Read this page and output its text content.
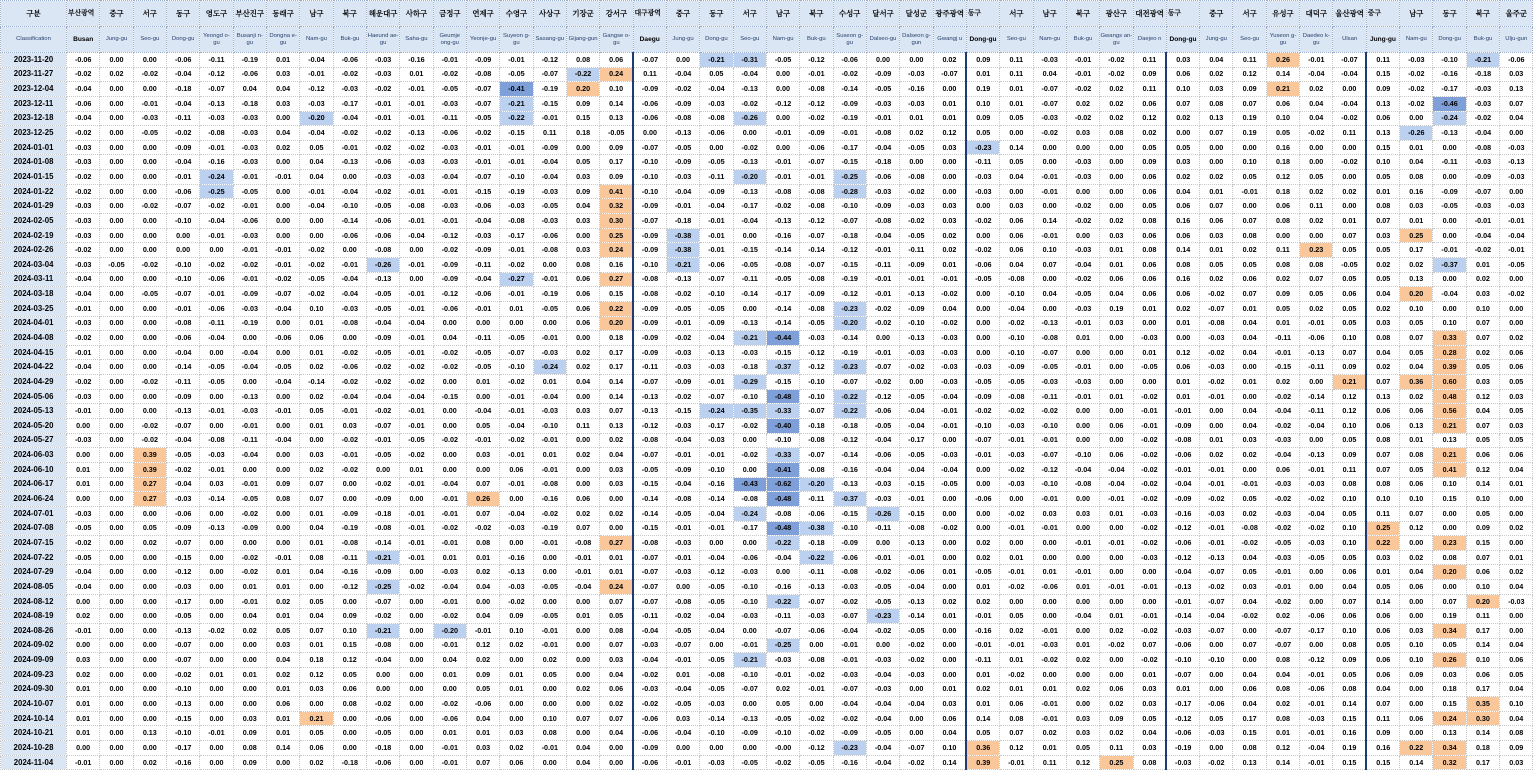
구분	부산광역	중구	서구	동구	영도구	부산진구	동래구	남구	북구	해운대구	사하구	금정구	연제구	수영구	사상구	기장군	강서구	대구광역	중구	동구	서구	남구	북구	수성구	달서구	달성군	광주광역	동구	서구	남구	북구	광산구	대전광역	동구	중구	서구	유성구	대덕구	울산광역	중구	남구	동구	북구	울주군
Classification	Busan	Jung-gu	Seo-gu	Dong-gu	Yeongd o-gu	Busanji n-gu	Dongna e-gu	Nam-gu	Buk-gu	Haeund ae-gu	Saha-gu	Geumje ong-gu	Yeonje-gu	Suyeon g-gu	Sasang-gu	Gijang-gun	Gangse o-gu	Daegu	Jung-gu	Dong-gu	Seo-gu	Nam-gu	Buk-gu	Suseon g-gu	Dalseo-gu	Dalseon g-gun	Gwangj u	Dong-gu	Seo-gu	Nam-gu	Buk-gu	Gwangs an-gu	Daejeo n	Dong-gu	Jung-gu	Seo-gu	Yuseon g-gu	Daedeo k-gu	Ulsan	Jung-gu	Nam-gu	Dong-gu	Buk-gu	Ulju-gun
2023-11-20	-0.06	0.00	0.00	-0.06	-0.11	-0.19	0.01	-0.04	-0.06	-0.03	-0.16	-0.01	-0.09	-0.01	-0.12	0.08	0.06	-0.07	0.00	-0.21	-0.31	-0.05	-0.12	-0.06	0.00	0.00	0.02	0.09	0.11	-0.03	-0.01	-0.02	0.11	0.03	0.04	0.11	0.26	-0.01	-0.07	0.11	-0.03	-0.10	-0.21	-0.06
2023-11-27	-0.02	0.02	-0.02	-0.04	-0.12	-0.06	0.03	-0.01	-0.02	-0.03	0.01	-0.02	-0.08	-0.05	-0.07	-0.22	0.24	0.11	-0.04	0.05	-0.04	0.00	-0.01	-0.02	-0.09	-0.03	-0.07	0.01	0.11	0.04	-0.01	-0.02	0.09	0.06	0.02	0.12	0.14	-0.04	-0.04	0.15	-0.02	-0.16	-0.18	0.03
2023-12-04	-0.04	0.00	0.00	-0.18	-0.07	0.04	0.04	-0.12	-0.03	-0.02	-0.01	-0.05	-0.07	-0.41	-0.19	0.20	0.10	-0.09	-0.02	-0.04	-0.13	0.00	-0.08	-0.14	-0.05	-0.16	0.00	0.19	0.01	-0.07	-0.02	0.02	0.11	0.10	0.03	0.09	0.21	0.02	0.00	0.09	-0.02	-0.17	-0.03	0.13
2023-12-11	-0.06	0.00	-0.01	-0.04	-0.13	-0.18	0.03	-0.03	-0.17	-0.01	-0.01	-0.03	-0.07	-0.21	-0.15	0.09	0.14	-0.06	-0.09	-0.03	-0.02	-0.12	-0.12	-0.09	-0.03	-0.03	0.01	0.10	0.01	-0.07	0.02	0.02	0.06	0.07	0.08	0.07	0.06	0.04	-0.04	0.13	-0.02	-0.46	-0.03	0.07
2023-12-18	-0.04	0.00	-0.03	-0.11	-0.03	-0.03	0.00	-0.20	-0.04	-0.01	-0.01	-0.11	-0.05	-0.22	-0.01	0.15	0.13	-0.06	-0.08	-0.08	-0.26	0.00	-0.02	-0.19	-0.01	0.01	0.01	0.09	0.05	-0.03	-0.02	0.02	0.12	0.02	0.13	0.19	0.10	0.04	-0.02	0.06	0.00	-0.24	-0.02	0.04
2023-12-25	-0.02	0.00	-0.05	-0.02	-0.08	-0.03	0.04	-0.04	-0.02	-0.02	-0.13	-0.06	-0.02	-0.15	0.11	0.18	-0.05	0.00	-0.13	-0.06	0.00	-0.01	-0.09	-0.01	-0.08	0.02	0.12	0.05	0.00	-0.02	0.03	0.08	0.02	0.00	0.07	0.19	0.05	-0.02	0.11	0.13	-0.26	-0.13	-0.04	0.00
2024-01-01	-0.03	0.00	0.00	-0.09	-0.01	-0.03	0.02	0.05	-0.01	-0.02	-0.02	-0.03	-0.01	-0.01	-0.09	0.00	0.09	-0.07	-0.05	0.00	-0.02	0.00	-0.06	-0.17	-0.04	-0.05	0.03	-0.23	0.14	0.00	0.00	0.00	0.05	0.05	0.00	0.00	0.16	0.00	0.00	0.15	0.01	0.00	-0.08	-0.03
2024-01-08	-0.03	0.00	0.00	-0.04	-0.16	-0.03	0.00	0.04	-0.13	-0.06	-0.03	-0.03	-0.01	-0.01	-0.04	0.05	0.17	-0.10	-0.09	-0.05	-0.13	-0.01	-0.07	-0.15	-0.18	0.00	0.00	-0.11	0.05	0.00	-0.03	0.00	0.09	0.03	0.00	0.10	0.18	0.00	-0.02	0.10	0.04	-0.11	-0.03	-0.13
2024-01-15	-0.02	0.00	0.00	-0.01	-0.24	-0.01	-0.01	0.04	0.00	-0.03	-0.03	-0.04	-0.07	-0.10	-0.04	0.03	0.09	-0.10	-0.03	-0.11	-0.20	-0.01	-0.01	-0.25	-0.06	-0.08	0.00	-0.03	0.04	-0.01	-0.03	0.00	0.06	0.02	0.02	0.05	0.12	0.05	0.00	0.05	0.08	0.00	-0.09	-0.03
2024-01-22	-0.02	0.00	0.00	-0.06	-0.25	-0.05	0.00	-0.01	-0.04	-0.02	-0.01	-0.01	-0.15	-0.19	-0.03	0.09	0.41	-0.10	-0.04	-0.09	-0.13	-0.08	-0.08	-0.28	-0.03	-0.02	0.00	-0.03	0.00	-0.01	0.00	0.00	0.06	0.04	0.01	-0.01	0.18	0.02	0.02	0.01	0.16	-0.09	-0.07	0.00
2024-01-29	-0.03	0.00	-0.02	-0.07	-0.02	-0.01	0.00	-0.04	-0.10	-0.05	-0.08	-0.03	-0.06	-0.03	-0.05	0.04	0.32	-0.09	-0.01	-0.04	-0.17	-0.02	-0.08	-0.10	-0.09	-0.03	0.03	0.00	0.03	0.00	-0.02	0.00	0.05	0.06	0.07	0.00	0.06	0.11	0.00	0.08	0.03	-0.05	-0.03	-0.03
2024-02-05	-0.03	0.00	0.00	-0.10	-0.04	-0.06	0.00	0.00	-0.14	-0.06	-0.01	-0.01	-0.04	-0.08	-0.03	0.03	0.30	-0.07	-0.18	-0.01	-0.04	-0.13	-0.12	-0.07	-0.08	-0.02	0.03	-0.02	0.06	0.14	-0.02	0.02	0.08	0.16	0.06	0.07	0.08	0.02	0.01	0.07	0.01	0.00	-0.01	-0.01
2024-02-19	-0.03	0.00	0.00	0.00	-0.01	-0.03	0.00	0.00	-0.06	-0.06	-0.04	-0.12	-0.03	-0.17	-0.06	0.00	0.25	-0.09	-0.38	-0.01	0.00	-0.16	-0.07	-0.18	-0.04	-0.05	0.02	0.00	0.06	-0.01	0.00	0.03	0.06	0.06	0.03	0.08	0.00	0.00	0.07	0.03	0.25	0.00	-0.04	-0.04
2024-02-26	-0.02	0.00	0.00	0.00	0.00	-0.01	-0.01	-0.02	0.00	-0.08	0.00	-0.02	-0.09	-0.01	-0.08	0.03	0.24	-0.09	-0.38	-0.01	-0.15	-0.14	-0.14	-0.12	-0.01	-0.11	0.02	-0.02	0.06	0.10	-0.03	0.01	0.08	0.14	0.01	0.02	0.11	0.23	0.05	0.05	0.17	-0.01	-0.02	-0.01
2024-03-04	-0.03	-0.05	-0.02	-0.10	-0.02	-0.02	-0.01	-0.02	-0.01	-0.26	-0.01	-0.09	-0.11	-0.02	0.00	0.08	0.16	-0.10	-0.21	-0.06	-0.05	-0.08	-0.07	-0.15	-0.11	-0.09	0.01	-0.06	0.04	0.07	-0.04	0.01	0.06	0.08	0.05	0.05	0.08	0.08	-0.05	0.02	0.02	-0.37	0.01	-0.05
2024-03-11	-0.04	0.00	0.00	-0.10	-0.06	-0.01	-0.02	-0.05	-0.04	-0.13	0.00	-0.09	-0.04	-0.27	-0.01	0.06	0.27	-0.08	-0.13	-0.07	-0.11	-0.05	-0.08	-0.19	-0.01	-0.01	-0.01	-0.05	-0.08	0.00	-0.02	0.06	0.06	0.16	0.02	0.06	0.02	0.07	0.05	0.05	0.13	0.00	0.02	0.00
2024-03-18	-0.04	0.00	-0.05	-0.07	-0.01	-0.09	-0.07	-0.02	-0.04	-0.05	-0.01	-0.12	-0.06	-0.01	-0.19	0.06	0.15	-0.08	-0.02	-0.10	-0.14	-0.17	-0.09	-0.12	-0.01	-0.13	-0.02	0.00	-0.10	0.04	-0.05	0.04	0.06	0.06	-0.02	0.07	0.09	0.05	0.06	0.04	0.20	-0.04	0.03	-0.02
2024-03-25	-0.01	0.00	0.00	-0.01	-0.06	-0.03	-0.04	0.10	-0.03	-0.05	-0.01	-0.06	-0.01	0.01	-0.05	0.06	0.22	-0.09	-0.05	-0.05	0.00	-0.14	-0.08	-0.23	-0.02	-0.09	0.04	0.00	-0.04	0.00	-0.03	0.19	0.01	0.02	-0.07	0.01	0.05	0.02	0.05	0.02	0.10	0.00	0.10	0.00
2024-04-01	-0.03	0.00	0.00	-0.08	-0.11	-0.19	0.00	0.01	-0.08	-0.04	-0.04	0.00	0.00	0.00	0.00	0.06	0.20	-0.09	-0.01	-0.09	-0.13	-0.14	-0.05	-0.20	-0.02	-0.10	-0.02	0.00	-0.02	-0.13	-0.01	0.03	0.00	0.01	-0.08	0.04	0.01	-0.01	0.05	0.03	0.05	0.10	0.07	0.00
2024-04-08	-0.02	0.00	0.00	-0.06	-0.04	0.00	-0.06	0.06	0.00	-0.09	-0.01	0.04	-0.11	-0.05	-0.01	0.00	0.18	-0.09	-0.02	-0.04	-0.21	-0.44	-0.03	-0.14	0.00	-0.13	-0.03	0.00	-0.10	-0.08	0.01	0.00	-0.03	0.00	-0.03	0.04	-0.11	-0.06	0.10	0.08	0.07	0.33	0.07	0.02
2024-04-15	-0.01	0.00	0.00	-0.04	0.00	-0.04	0.00	0.01	-0.02	-0.05	-0.01	-0.02	-0.05	-0.07	-0.03	0.02	0.17	-0.09	-0.03	-0.13	-0.03	-0.15	-0.12	-0.19	-0.01	-0.03	-0.03	0.00	-0.10	-0.07	0.00	0.00	0.01	0.12	-0.02	0.04	-0.01	-0.13	0.07	0.04	0.05	0.28	0.02	0.06
2024-04-22	-0.04	0.00	0.00	-0.14	-0.05	-0.04	-0.05	0.02	-0.06	-0.02	-0.02	-0.02	-0.05	-0.10	-0.24	0.02	0.17	-0.11	-0.03	-0.03	-0.18	-0.37	-0.12	-0.23	-0.07	-0.02	-0.03	-0.03	-0.09	-0.05	-0.01	0.00	-0.05	0.06	-0.03	0.00	-0.15	-0.11	0.09	0.02	0.04	0.39	0.05	0.06
2024-04-29	-0.02	0.00	-0.02	-0.11	-0.05	0.00	-0.04	-0.14	-0.02	-0.02	-0.02	0.00	0.01	-0.02	0.01	0.04	0.14	-0.07	-0.09	-0.01	-0.29	-0.15	-0.10	-0.07	-0.02	0.00	-0.03	-0.05	-0.05	-0.03	-0.03	0.00	0.00	0.01	-0.02	0.01	0.02	0.00	0.21	0.07	0.36	0.60	0.03	0.05
2024-05-06	-0.03	0.00	0.00	-0.09	0.00	-0.13	0.00	0.02	-0.04	-0.04	-0.04	-0.15	0.00	-0.01	-0.04	0.00	0.14	-0.13	-0.02	-0.07	-0.10	-0.48	-0.10	-0.22	-0.12	-0.05	-0.04	-0.09	-0.08	-0.11	-0.01	0.01	-0.02	0.01	-0.01	0.00	-0.02	-0.14	0.12	0.13	0.02	0.48	0.12	0.03
2024-05-13	-0.01	0.00	0.00	-0.13	-0.01	-0.03	-0.01	0.05	-0.01	-0.02	-0.01	0.00	-0.04	-0.01	-0.03	0.03	0.07	-0.13	-0.15	-0.24	-0.35	-0.33	-0.07	-0.22	-0.06	-0.04	-0.01	-0.02	-0.02	-0.02	0.00	0.00	-0.01	-0.01	0.00	0.04	-0.04	-0.11	0.12	0.06	0.06	0.56	0.04	0.05
2024-05-20	0.00	0.00	-0.02	-0.07	0.00	-0.01	0.00	0.01	0.03	-0.07	-0.01	0.00	0.05	-0.04	-0.10	0.11	0.13	-0.12	-0.03	-0.17	-0.02	-0.40	-0.18	-0.18	-0.05	-0.04	-0.01	-0.10	-0.03	-0.10	0.00	0.06	-0.01	-0.09	0.00	0.04	-0.02	-0.04	0.10	0.06	0.13	0.21	0.07	0.03
2024-05-27	-0.03	0.00	-0.02	-0.04	-0.08	-0.11	-0.04	0.00	-0.02	-0.01	-0.05	-0.02	-0.01	-0.02	-0.01	0.00	0.02	-0.08	-0.04	-0.03	0.00	-0.10	-0.08	-0.12	-0.04	-0.17	0.00	-0.07	-0.01	-0.01	0.00	0.00	-0.02	-0.08	0.01	0.03	-0.03	0.00	0.05	0.08	0.01	0.13	0.05	0.05
2024-06-03	0.00	0.00	0.39	-0.05	-0.03	-0.04	0.00	0.03	-0.01	-0.05	-0.02	0.00	0.03	-0.01	0.01	0.02	0.04	-0.07	-0.01	-0.01	-0.02	-0.33	-0.07	-0.14	-0.06	-0.05	-0.03	-0.01	-0.03	-0.07	-0.10	0.06	-0.02	-0.06	0.02	0.02	-0.04	-0.13	0.09	0.07	0.08	0.21	0.06	0.06
2024-06-10	0.01	0.00	0.39	-0.02	-0.01	0.00	0.00	0.02	-0.02	0.00	0.01	0.00	0.00	0.06	-0.01	0.00	0.03	-0.05	-0.09	-0.10	0.00	-0.41	-0.08	-0.16	-0.04	-0.04	-0.04	0.00	-0.02	-0.12	-0.04	-0.04	-0.02	-0.01	-0.01	0.00	0.06	-0.01	0.11	0.07	0.05	0.41	0.12	0.04
2024-06-17	0.01	0.00	0.27	-0.04	0.03	-0.01	0.09	0.07	0.00	-0.02	-0.01	-0.04	0.07	-0.01	-0.08	0.00	0.03	-0.15	-0.04	-0.16	-0.43	-0.62	-0.20	-0.13	-0.03	-0.15	-0.05	0.00	-0.03	-0.10	-0.08	-0.04	-0.02	-0.04	-0.01	-0.01	-0.03	-0.03	0.08	0.08	0.06	0.10	0.14	0.01
2024-06-24	0.00	0.00	0.27	-0.03	-0.14	-0.05	0.08	0.07	0.00	-0.09	0.00	-0.01	0.26	0.00	-0.16	0.06	0.00	-0.14	-0.08	-0.14	-0.08	-0.48	-0.11	-0.37	-0.03	-0.01	0.00	-0.06	0.00	-0.01	0.00	-0.01	-0.02	-0.09	-0.02	0.05	-0.02	-0.02	0.10	0.10	0.10	0.15	0.10	0.00
2024-07-01	-0.03	0.00	0.00	-0.06	0.00	-0.02	0.00	0.01	-0.09	-0.18	-0.01	-0.01	0.07	-0.04	-0.02	0.02	0.02	-0.14	-0.05	-0.04	-0.24	-0.08	-0.06	-0.15	-0.26	-0.15	0.00	0.00	-0.02	0.03	0.03	0.01	-0.03	-0.16	-0.03	0.02	-0.03	-0.04	0.05	0.11	0.07	0.00	0.05	0.00
2024-07-08	-0.05	0.00	0.05	-0.09	-0.13	-0.09	0.00	0.04	-0.19	-0.08	-0.01	-0.02	-0.02	-0.03	-0.19	0.07	0.00	-0.15	-0.01	-0.01	-0.17	-0.48	-0.38	-0.10	-0.11	-0.08	-0.02	0.00	-0.01	-0.01	0.00	0.00	-0.02	-0.12	-0.01	-0.08	-0.02	-0.02	0.10	0.25	0.12	0.00	0.09	0.02
2024-07-15	-0.02	0.00	0.02	-0.07	0.00	0.00	0.00	0.01	-0.08	-0.14	-0.01	-0.01	0.08	0.00	-0.01	-0.08	0.27	-0.08	-0.03	0.00	0.00	-0.22	-0.18	-0.09	0.00	-0.13	0.00	0.02	0.00	0.00	-0.01	-0.01	-0.02	-0.06	-0.01	-0.02	-0.05	-0.03	0.10	0.22	0.00	0.23	0.15	0.00
2024-07-22	-0.05	0.00	0.00	-0.15	0.00	-0.02	-0.01	0.08	-0.11	-0.21	-0.01	0.01	0.01	-0.16	0.00	-0.01	0.01	-0.07	-0.01	-0.04	-0.06	-0.04	-0.22	-0.06	-0.01	-0.01	0.00	0.02	0.01	0.00	0.00	0.00	-0.03	-0.12	-0.13	0.04	-0.03	-0.05	0.05	0.03	0.02	0.08	0.07	0.01
2024-07-29	-0.04	0.00	0.00	-0.12	0.00	-0.02	0.01	0.04	-0.16	-0.09	0.00	-0.03	0.02	-0.13	0.00	-0.01	0.01	-0.07	-0.03	-0.12	-0.03	0.00	-0.11	-0.08	-0.02	-0.06	0.01	-0.05	-0.01	0.01	-0.01	0.00	0.00	-0.04	-0.07	0.05	-0.01	0.00	0.06	0.01	0.04	0.20	0.06	0.02
2024-08-05	-0.04	0.00	0.00	-0.03	0.00	0.01	0.01	0.00	-0.12	-0.25	-0.02	-0.04	0.04	-0.03	-0.05	-0.04	0.24	-0.07	0.00	-0.05	-0.10	-0.16	-0.13	-0.03	-0.05	-0.04	0.00	0.01	-0.02	-0.06	0.01	-0.01	-0.01	-0.13	-0.02	0.03	-0.01	0.00	0.04	0.05	0.06	0.00	0.10	0.04
2024-08-12	0.00	0.00	0.00	-0.17	0.00	-0.01	0.02	0.05	0.00	-0.07	0.00	-0.01	0.00	-0.02	0.00	0.00	0.07	-0.07	-0.08	-0.05	-0.10	-0.22	-0.07	-0.02	-0.05	-0.13	0.02	0.02	0.00	0.00	0.00	0.00	0.00	-0.01	-0.07	0.04	-0.02	0.00	0.07	0.14	0.00	0.07	0.20	-0.03
2024-08-19	0.02	0.00	0.00	-0.05	0.00	0.04	0.01	0.04	0.09	-0.02	0.00	-0.02	0.04	0.09	-0.05	0.01	0.05	-0.11	-0.02	-0.04	-0.03	-0.11	-0.03	-0.07	-0.23	-0.14	0.01	-0.01	0.05	0.00	-0.04	0.01	-0.01	-0.14	-0.04	-0.02	0.02	-0.06	0.06	0.06	0.00	0.19	0.11	0.00
2024-08-26	-0.01	0.00	0.00	-0.13	-0.02	0.02	0.05	0.07	0.10	-0.21	0.00	-0.20	-0.01	0.10	-0.01	0.00	0.08	-0.04	-0.05	-0.04	0.00	-0.07	-0.06	-0.04	-0.02	-0.05	0.00	-0.16	0.02	-0.01	0.00	0.02	-0.02	-0.03	-0.07	0.00	-0.07	-0.17	0.10	0.06	0.03	0.34	0.17	0.00
2024-09-02	0.00	0.00	0.00	-0.07	0.00	0.00	0.03	0.01	0.15	-0.08	0.00	-0.01	0.12	0.02	-0.01	0.00	0.07	-0.03	-0.07	0.00	-0.01	-0.25	0.00	-0.01	0.00	-0.02	0.00	-0.01	-0.01	-0.03	0.01	-0.02	0.07	-0.06	0.00	0.07	-0.07	0.00	0.08	0.05	0.10	0.05	0.14	0.04
2024-09-09	0.03	0.00	0.00	-0.07	0.00	0.00	0.04	0.18	0.12	-0.04	0.00	0.04	0.02	0.00	0.02	0.00	0.03	-0.04	-0.01	-0.05	-0.21	-0.03	-0.08	-0.01	-0.03	-0.02	0.00	-0.11	0.01	-0.02	0.02	0.00	-0.02	-0.10	-0.10	0.00	0.08	-0.12	0.09	0.06	0.10	0.26	0.10	0.06
2024-09-23	0.02	0.00	0.00	-0.02	0.01	0.01	0.02	0.12	0.05	0.00	0.00	0.01	0.09	0.01	0.05	0.00	0.04	-0.02	0.01	-0.08	-0.10	-0.01	-0.02	-0.03	-0.04	-0.03	0.00	0.01	-0.02	0.00	0.00	0.00	0.01	-0.07	0.00	0.04	0.04	-0.01	0.05	0.06	0.09	0.03	0.06	0.05
2024-09-30	0.01	0.00	0.00	-0.10	0.00	0.00	0.01	0.03	0.06	0.00	0.00	0.00	0.05	0.01	0.00	0.02	0.06	-0.03	-0.04	-0.05	-0.07	0.02	-0.01	-0.07	-0.03	0.00	0.01	0.02	0.01	0.01	0.02	0.06	0.03	0.01	0.00	0.06	0.08	-0.06	0.08	0.04	0.00	0.18	0.17	0.04
2024-10-07	0.01	0.00	0.00	-0.13	0.00	0.00	0.06	0.00	0.08	-0.02	0.00	-0.02	-0.06	0.00	0.00	0.00	0.02	-0.02	-0.05	-0.03	0.00	0.05	0.00	-0.04	-0.04	-0.04	0.03	0.01	0.06	-0.01	0.00	0.02	0.03	-0.17	-0.06	0.04	0.02	-0.01	0.14	0.07	0.00	0.15	0.35	0.10
2024-10-14	0.01	0.00	0.00	-0.15	0.00	0.03	0.01	0.21	0.00	-0.06	0.00	-0.06	0.04	0.00	0.10	0.07	0.07	-0.06	0.03	-0.14	-0.13	-0.05	-0.02	-0.02	-0.04	0.00	0.06	0.14	0.08	-0.01	0.03	0.09	0.05	-0.12	0.05	0.17	0.08	-0.03	0.15	0.11	0.06	0.24	0.30	0.04
2024-10-21	0.01	0.00	0.13	-0.10	-0.01	0.09	0.01	0.05	0.00	-0.05	0.00	0.01	0.01	0.03	0.08	0.00	0.04	-0.06	-0.04	-0.10	-0.09	-0.10	-0.02	-0.09	-0.05	0.00	0.04	0.05	0.07	0.02	0.03	0.02	0.04	-0.06	-0.03	0.15	0.01	-0.01	0.16	0.09	0.00	0.13	0.14	0.08
2024-10-28	0.00	0.00	0.00	-0.17	0.00	0.08	0.14	0.06	0.00	-0.18	0.00	-0.01	0.03	0.02	-0.01	0.04	0.00	-0.09	0.00	0.00	0.00	-0.00	-0.12	-0.23	-0.04	-0.07	0.10	0.36	0.12	0.01	0.05	0.11	0.03	-0.19	0.00	0.08	0.12	-0.04	0.19	0.16	0.22	0.34	0.18	0.09
2024-11-04	-0.01	0.00	0.02	-0.16	0.00	0.09	0.00	0.02	-0.18	-0.06	0.00	-0.01	0.07	0.06	0.00	0.04	0.00	-0.06	-0.01	-0.03	-0.05	-0.02	-0.05	-0.16	-0.04	-0.02	0.14	0.39	-0.01	0.11	0.12	0.25	0.08	-0.03	-0.02	0.13	0.14	-0.01	0.15	0.15	0.14	0.32	0.17	0.03
